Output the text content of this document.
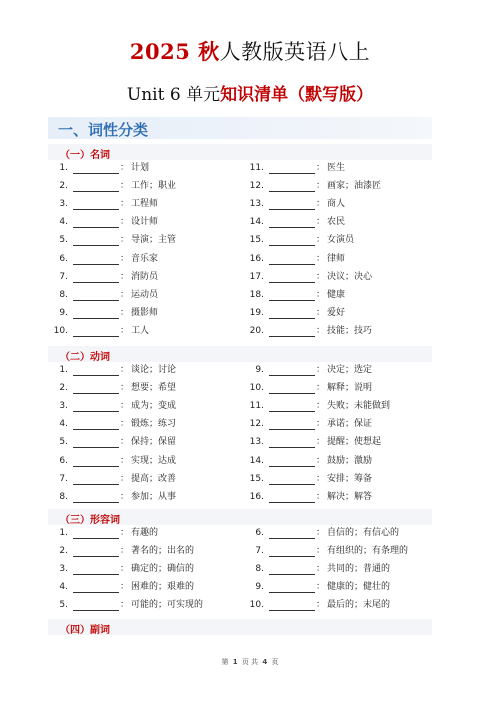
2025 秋人教版英语八上
Unit 6 单元知识清单（默写版）
一、词性分类
（一）名词
1.	： 计划
2.	： 工作；职业
3.	： 工程师
4.	： 设计师
5.	： 导演；主管
6.	： 音乐家
7.	： 消防员
8.	： 运动员
9.	： 摄影师
10.	： 工人
11.	： 医生
12.	： 画家；油漆匠
13.	： 商人
14.	： 农民
15.	： 女演员
16.	： 律师
17.	： 决议；决心
18.	： 健康
19.	： 爱好
20.	： 技能；技巧
（二）动词
1.	： 谈论；讨论
2.	： 想要；希望
3.	： 成为；变成
4.	： 锻炼；练习
5.	： 保持；保留
6.	： 实现；达成
7.	： 提高；改善
8.	： 参加；从事
9.	： 决定；选定
10.	： 解释；说明
11.	： 失败；未能做到
12.	： 承诺；保证
13.	： 提醒；使想起
14.	： 鼓励；激励
15.	： 安排；筹备
16.	： 解决；解答
（三）形容词
1.	： 有趣的
2.	： 著名的；出名的
3.	： 确定的；确信的
4.	： 困难的；艰难的
5.	： 可能的；可实现的
6.	： 自信的；有信心的
7.	： 有组织的；有条理的
8.	： 共同的；普通的
9.	： 健康的；健壮的
10.	： 最后的；末尾的
（四）副词
第 1 页 共 4 页
